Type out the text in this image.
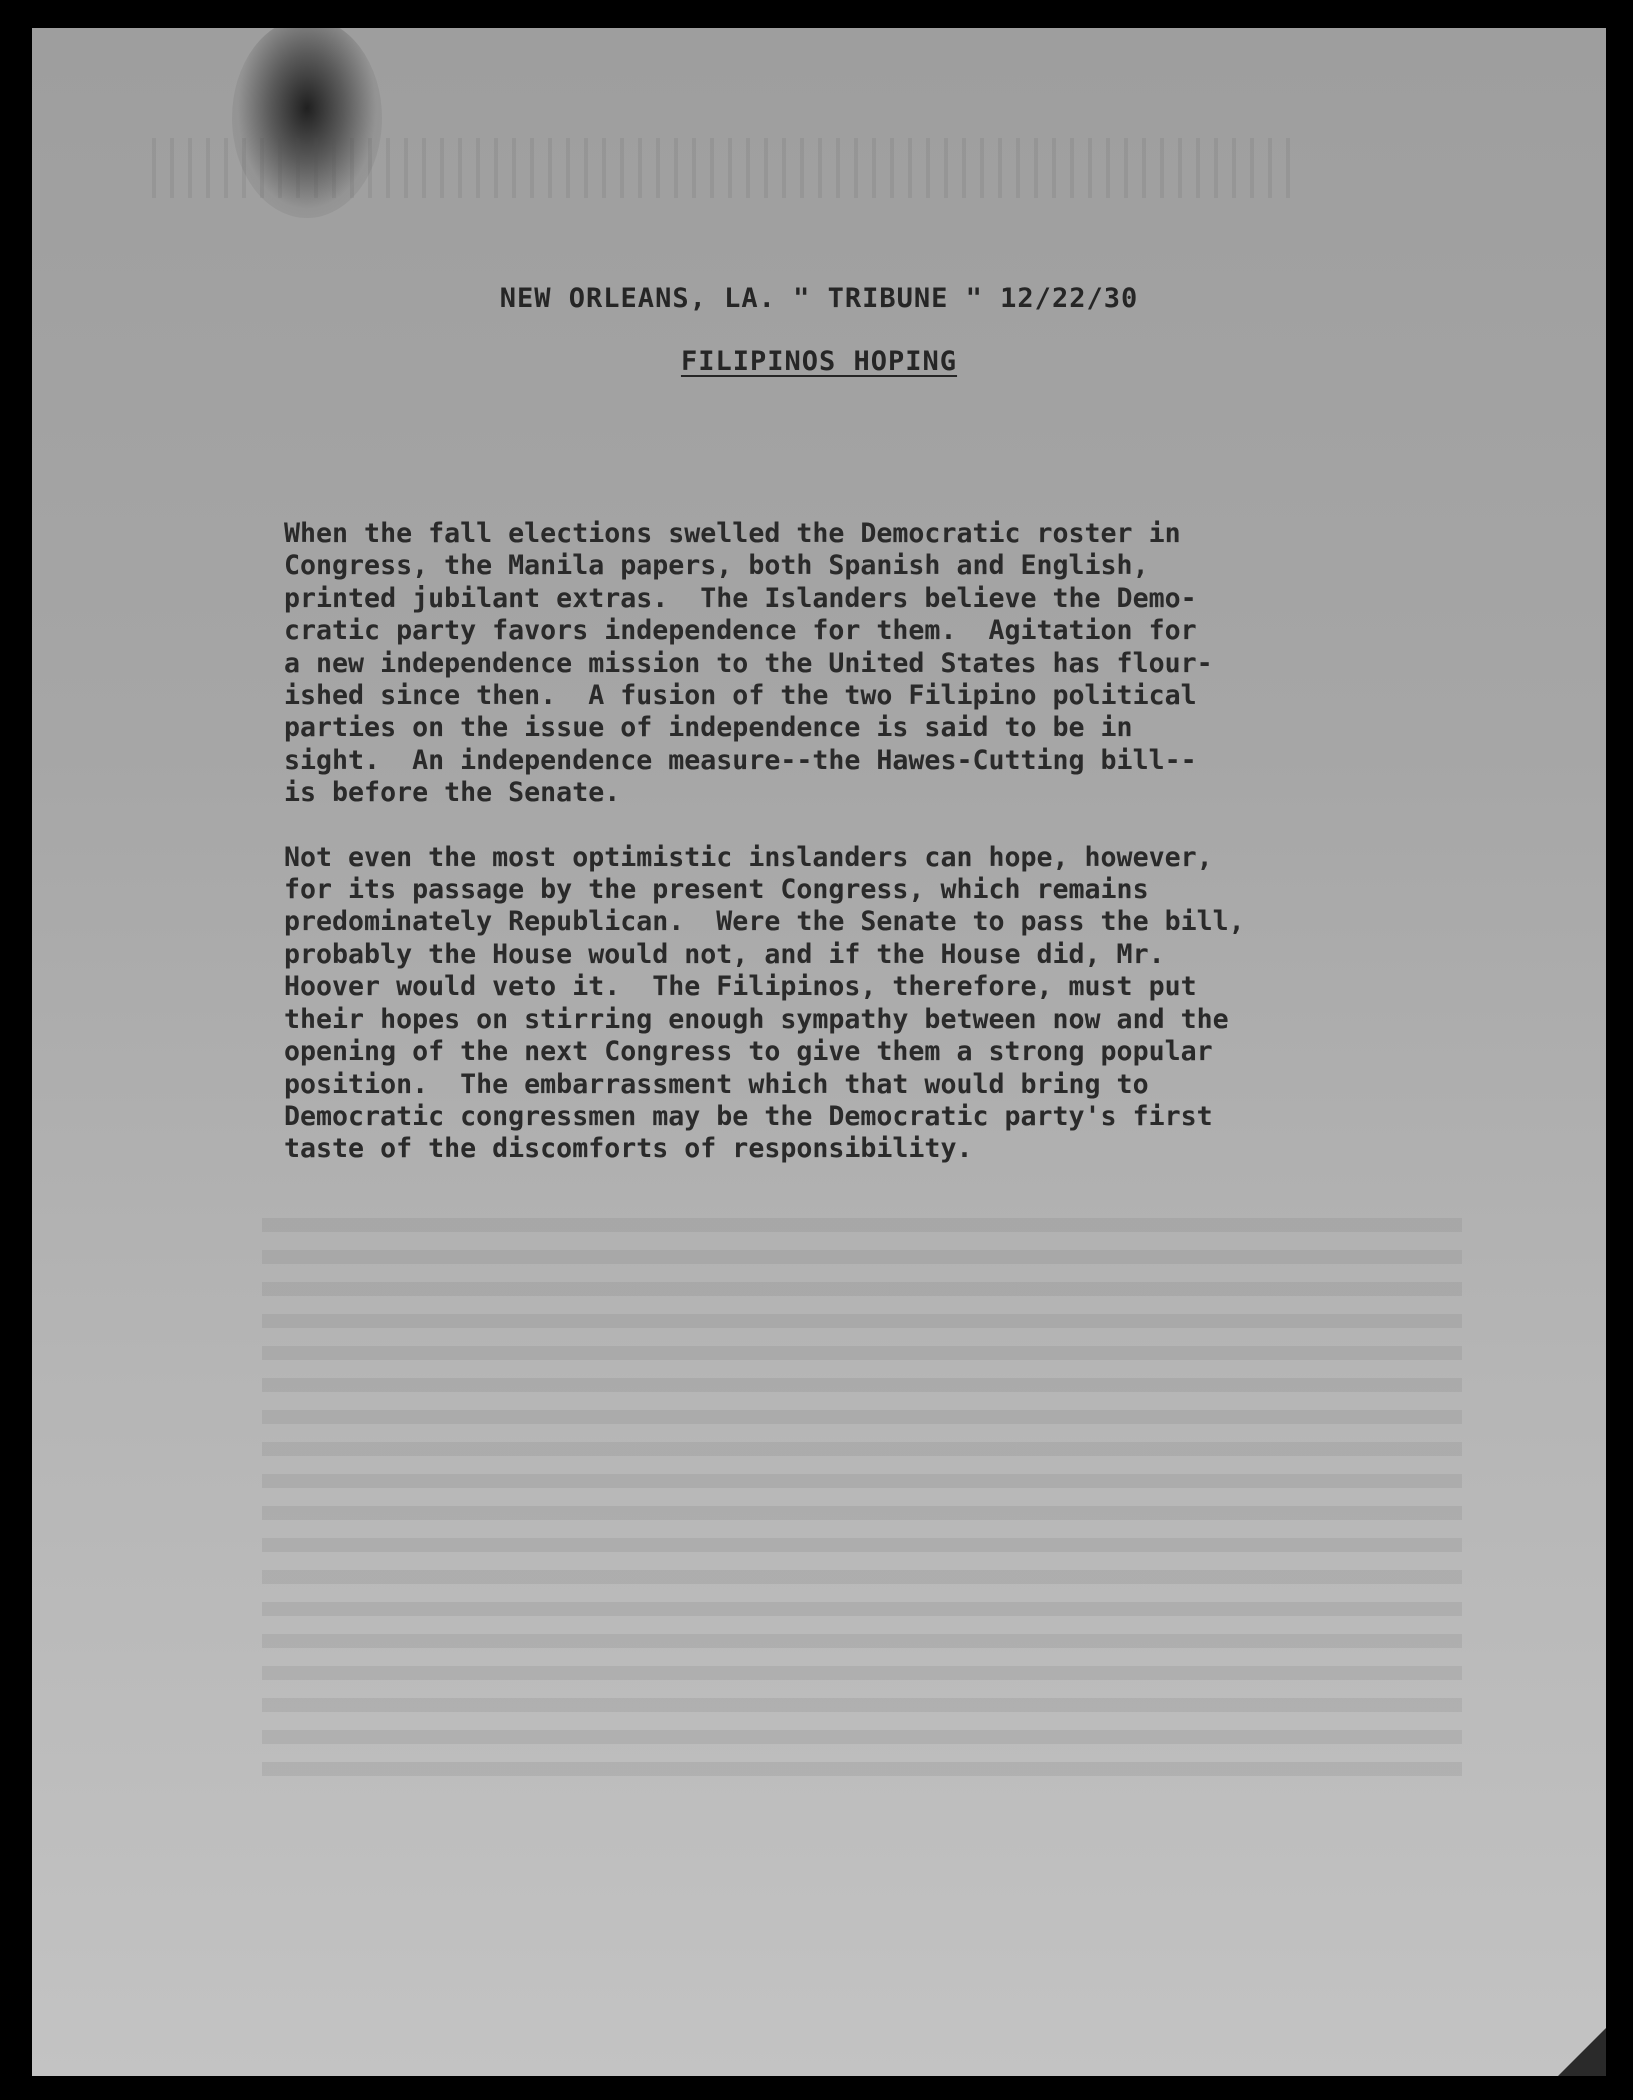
NEW ORLEANS, LA. " TRIBUNE " 12/22/30
FILIPINOS HOPING
When the fall elections swelled the Democratic roster in
Congress, the Manila papers, both Spanish and English,
printed jubilant extras.  The Islanders believe the Demo-
cratic party favors independence for them.  Agitation for
a new independence mission to the United States has flour-
ished since then.  A fusion of the two Filipino political
parties on the issue of independence is said to be in
sight.  An independence measure--the Hawes-Cutting bill--
is before the Senate.
Not even the most optimistic inslanders can hope, however,
for its passage by the present Congress, which remains
predominately Republican.  Were the Senate to pass the bill,
probably the House would not, and if the House did, Mr.
Hoover would veto it.  The Filipinos, therefore, must put
their hopes on stirring enough sympathy between now and the
opening of the next Congress to give them a strong popular
position.  The embarrassment which that would bring to
Democratic congressmen may be the Democratic party's first
taste of the discomforts of responsibility.
